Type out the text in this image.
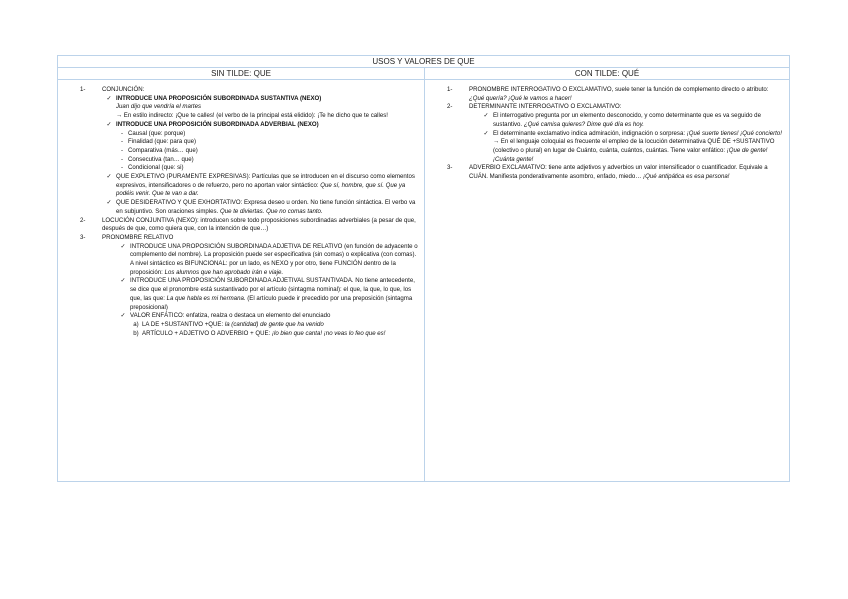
USOS Y VALORES DE QUE
SIN TILDE: QUE	CON TILDE: QUÉ
1-	CONJUNCIÓN:
✓ INTRODUCE UNA PROPOSICIÓN SUBORDINADA SUSTANTIVA (NEXO)
Juan dijo que vendría el martes
→ En estilo indirecto: ¡Que te calles! (el verbo de la principal está elidido): ¡Te he dicho que te calles!
✓ INTRODUCE UNA PROPOSICIÓN SUBORDINADA ADVERBIAL (NEXO)
- Causal (que: porque)
- Finalidad (que: para que)
- Comparativa (más… que)
- Consecutiva (tan… que)
- Condicional (que: si)
✓ QUE EXPLETIVO (PURAMENTE EXPRESIVAS): Partículas que se introducen en el discurso como elementos expresivos, intensificadores o de refuerzo, pero no aportan valor sintáctico: Que sí, hombre, que sí. Que ya podéis venir. Que te van a dar.
✓ QUE DESIDERATIVO Y QUE EXHORTATIVO: Expresa deseo u orden. No tiene función sintáctica. El verbo va en subjuntivo. Son oraciones simples. Que te diviertas. Que no comas tanto.
2-	LOCUCIÓN CONJUNTIVA (NEXO): introducen sobre todo proposiciones subordinadas adverbiales (a pesar de que, después de que, como quiera que, con la intención de que…)
3-	PRONOMBRE RELATIVO
✓ INTRODUCE UNA PROPOSICIÓN SUBORDINADA ADJETIVA DE RELATIVO (en función de adyacente o complemento del nombre). La proposición puede ser especificativa (sin comas) o explicativa (con comas). A nivel sintáctico es BIFUNCIONAL: por un lado, es NEXO y por otro, tiene FUNCIÓN dentro de la proposición: Los alumnos que han aprobado irán e viaje.
✓ INTRODUCE UNA PROPOSICIÓN SUBORDINADA ADJETIVAL SUSTANTIVADA. No tiene antecedente, se dice que el pronombre está sustantivado por el artículo (sintagma nominal): el que, la que, lo que, los que, las que: La que habla es mi hermana. (El artículo puede ir precedido por una preposición (sintagma preposicional)
✓ VALOR ENFÁTICO: enfatiza, realza o destaca un elemento del enunciado
a) LA DE +SUSTANTIVO +QUE: la (cantidad) de gente que ha venido
b) ARTÍCULO + ADJETIVO O ADVERBIO + QUE: ¡lo bien que canta! ¡no veas lo feo que es!
1-	PRONOMBRE INTERROGATIVO O EXCLAMATIVO, suele tener la función de complemento directo o atributo: ¿Qué quería? ¡Qué le vamos a hacer!
2-	DETERMINANTE INTERROGATIVO O EXCLAMATIVO:
✓ El interrogativo pregunta por un elemento desconocido, y como determinante que es va seguido de sustantivo. ¿Qué camisa quieres? Dime qué día es hoy.
✓ El determinante exclamativo indica admiración, indignación o sorpresa: ¡Qué suerte tienes! ¡Qué concierto!
→ En el lenguaje coloquial es frecuente el empleo de la locución determinativa QUÉ DE +SUSTANTIVO (colectivo o plural) en lugar de Cuánto, cuánta, cuántos, cuántas. Tiene valor enfático: ¡Que de gente! ¡Cuánta gente!
3-	ADVERBIO EXCLAMATIVO: tiene ante adjetivos y adverbios un valor intensificador o cuantificador. Equivale a CUÁN. Manifiesta ponderativamente asombro, enfado, miedo… ¡Qué antipática es esa persona!
